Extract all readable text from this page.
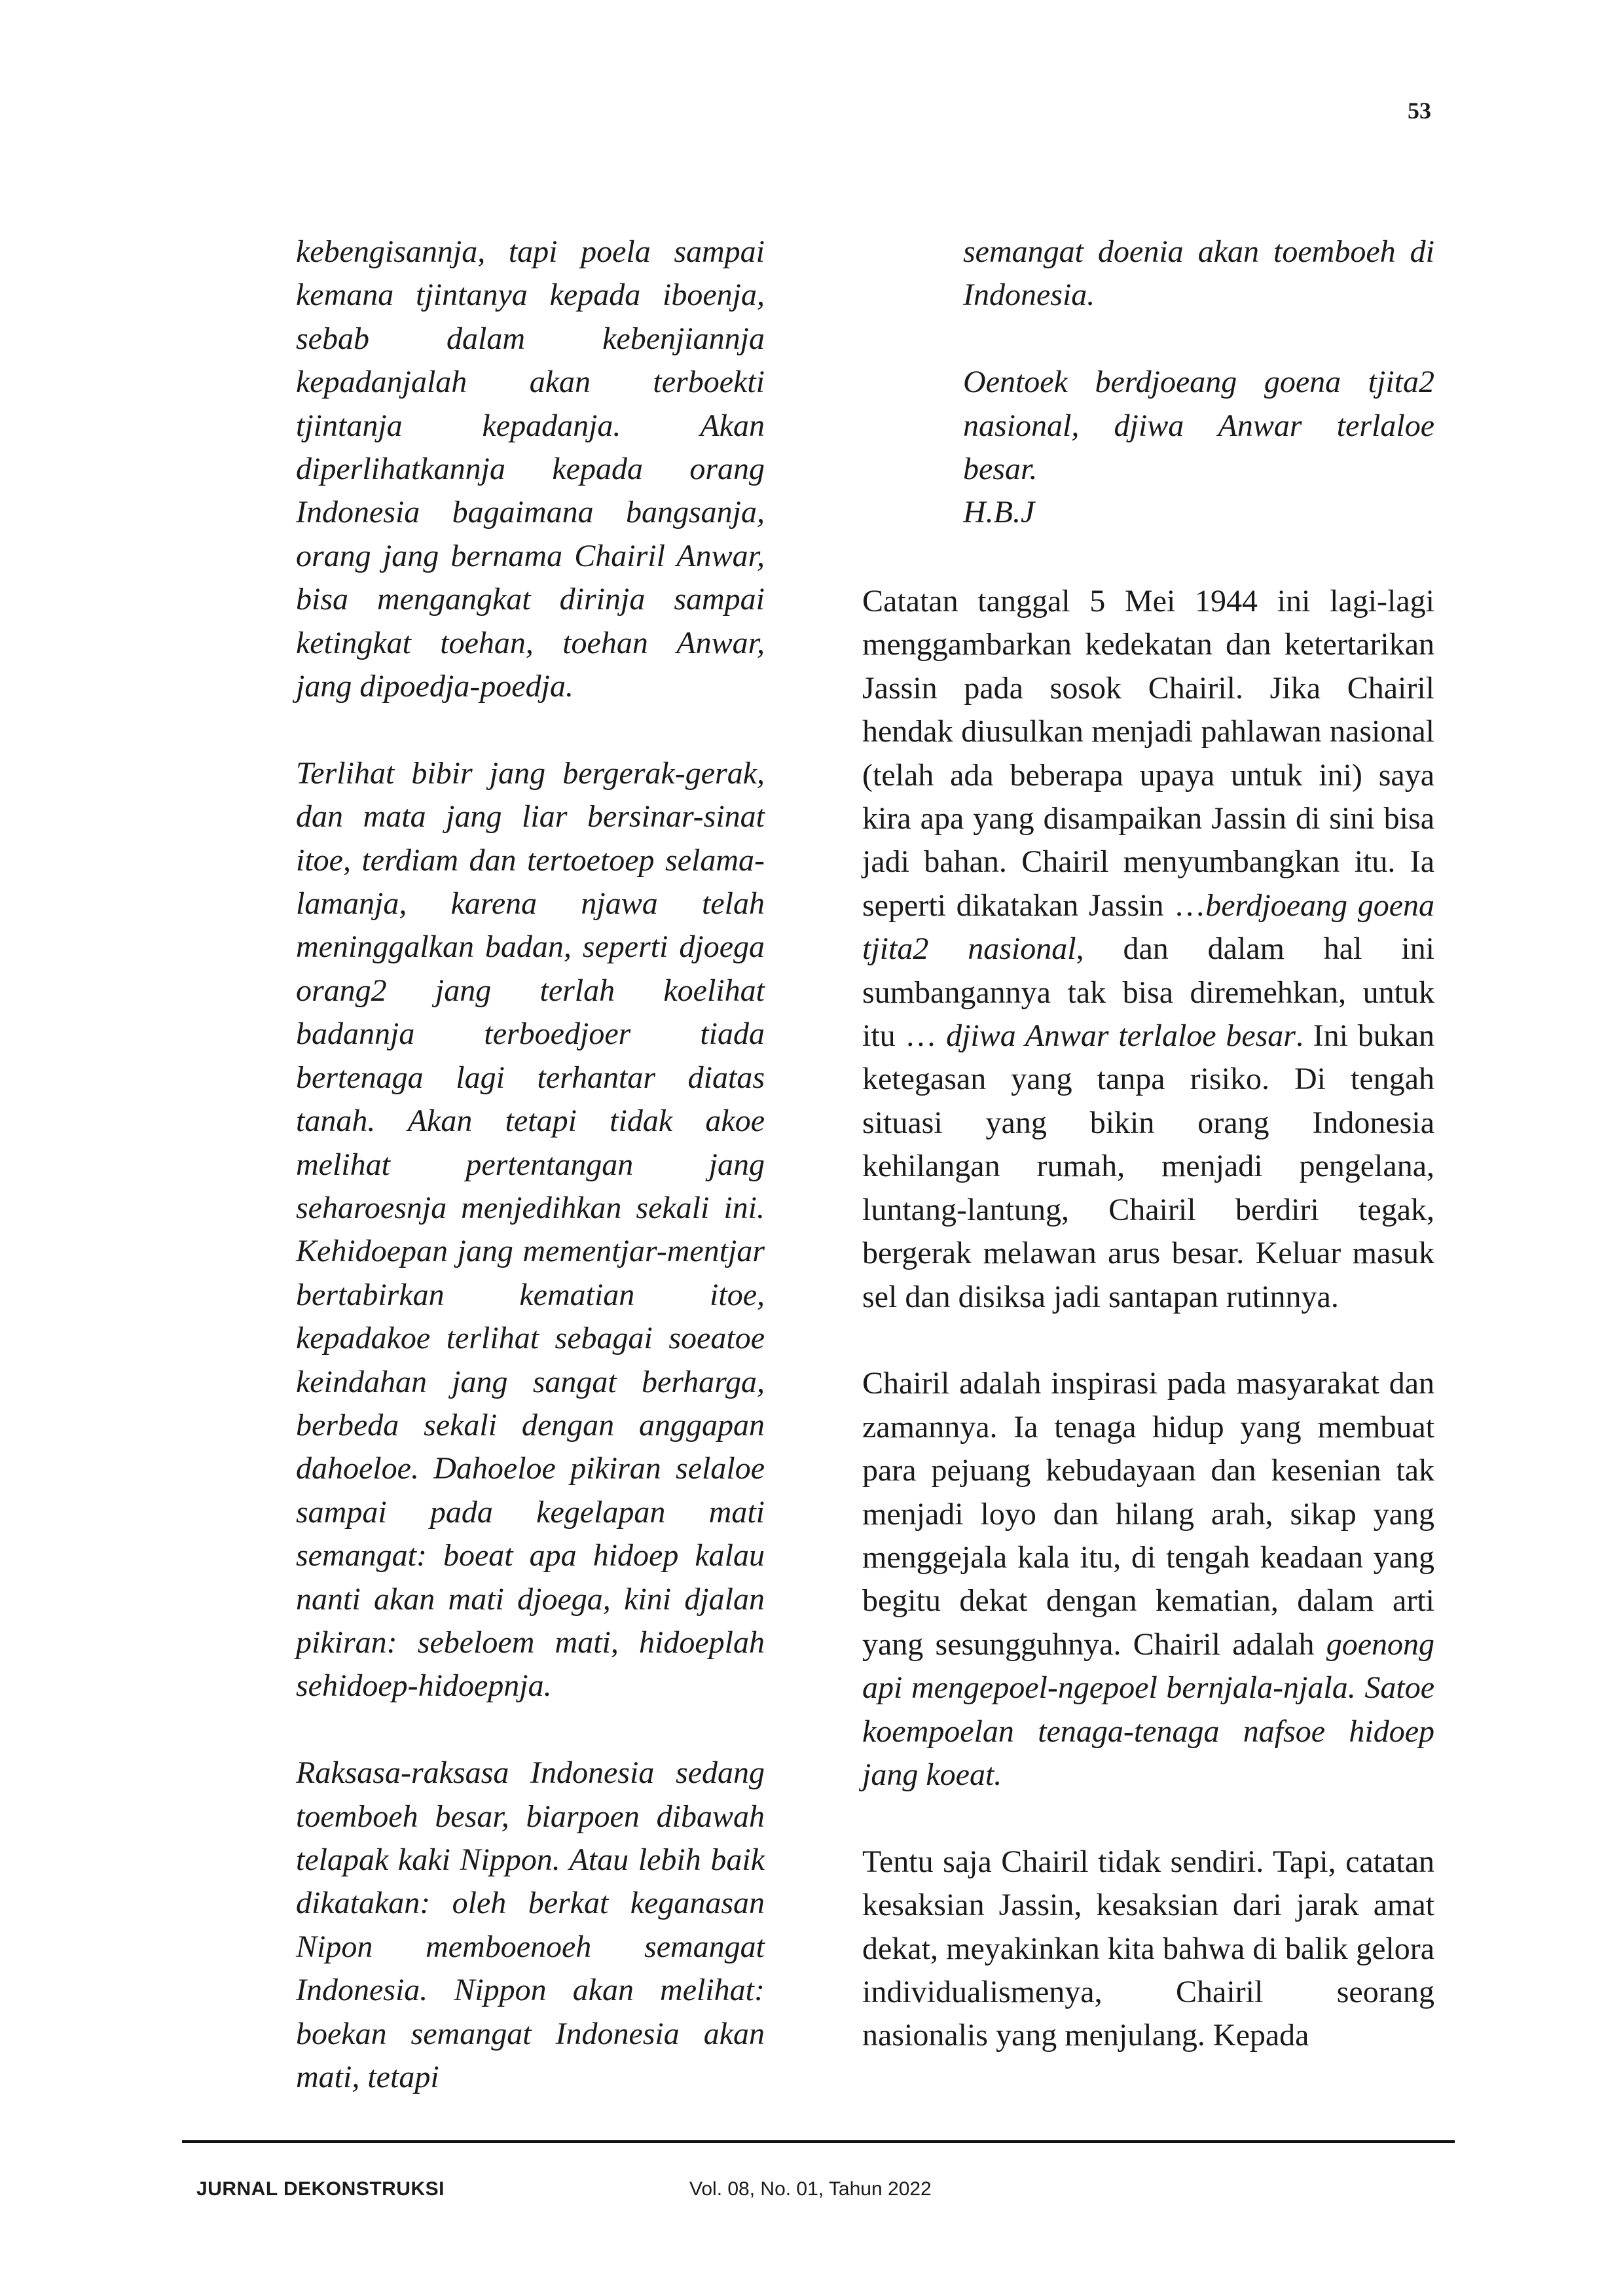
53

kebengisannja, tapi poela sampai kemana tjintanya kepada iboenja, sebab dalam kebenjiannja kepadanjalah akan terboekti tjintanja kepadanja. Akan diperlihatkannja kepada orang Indonesia bagaimana bangsanja, orang jang bernama Chairil Anwar, bisa mengangkat dirinja sampai ketingkat toehan, toehan Anwar, jang dipoedja-poedja.

Terlihat bibir jang bergerak-gerak, dan mata jang liar bersinar-sinat itoe, terdiam dan tertoetoep selama-lamanja, karena njawa telah meninggalkan badan, seperti djoega orang2 jang terlah koelihat badannja terboedjoer tiada bertenaga lagi terhantar diatas tanah. Akan tetapi tidak akoe melihat pertentangan jang seharoesnja menjedihkan sekali ini. Kehidoepan jang mementjar-mentjar bertabirkan kematian itoe, kepadakoe terlihat sebagai soeatoe keindahan jang sangat berharga, berbeda sekali dengan anggapan dahoeloe. Dahoeloe pikiran selaloe sampai pada kegelapan mati semangat: boeat apa hidoep kalau nanti akan mati djoega, kini djalan pikiran: sebeloem mati, hidoeplah sehidoep-hidoepnja.

Raksasa-raksasa Indonesia sedang toemboeh besar, biarpoen dibawah telapak kaki Nippon. Atau lebih baik dikatakan: oleh berkat keganasan Nipon memboenoeh semangat Indonesia. Nippon akan melihat: boekan semangat Indonesia akan mati, tetapi

semangat doenia akan toemboeh di Indonesia.

Oentoek berdjoeang goena tjita2 nasional, djiwa Anwar terlaloe besar.
H.B.J

Catatan tanggal 5 Mei 1944 ini lagi-lagi menggambarkan kedekatan dan ketertarikan Jassin pada sosok Chairil. Jika Chairil hendak diusulkan menjadi pahlawan nasional (telah ada beberapa upaya untuk ini) saya kira apa yang disampaikan Jassin di sini bisa jadi bahan. Chairil menyumbangkan itu. Ia seperti dikatakan Jassin …berdjoeang goena tjita2 nasional, dan dalam hal ini sumbangannya tak bisa diremehkan, untuk itu … djiwa Anwar terlaloe besar. Ini bukan ketegasan yang tanpa risiko. Di tengah situasi yang bikin orang Indonesia kehilangan rumah, menjadi pengelana, luntang-lantung, Chairil berdiri tegak, bergerak melawan arus besar. Keluar masuk sel dan disiksa jadi santapan rutinnya.

Chairil adalah inspirasi pada masyarakat dan zamannya. Ia tenaga hidup yang membuat para pejuang kebudayaan dan kesenian tak menjadi loyo dan hilang arah, sikap yang menggejala kala itu, di tengah keadaan yang begitu dekat dengan kematian, dalam arti yang sesungguhnya. Chairil adalah goenong api mengepoel-ngepoel bernjala-njala. Satoe koempoelan tenaga-tenaga nafsoe hidoep jang koeat.

Tentu saja Chairil tidak sendiri. Tapi, catatan kesaksian Jassin, kesaksian dari jarak amat dekat, meyakinkan kita bahwa di balik gelora individualismenya, Chairil seorang nasionalis yang menjulang. Kepada

JURNAL DEKONSTRUKSI	Vol. 08, No. 01, Tahun 2022
